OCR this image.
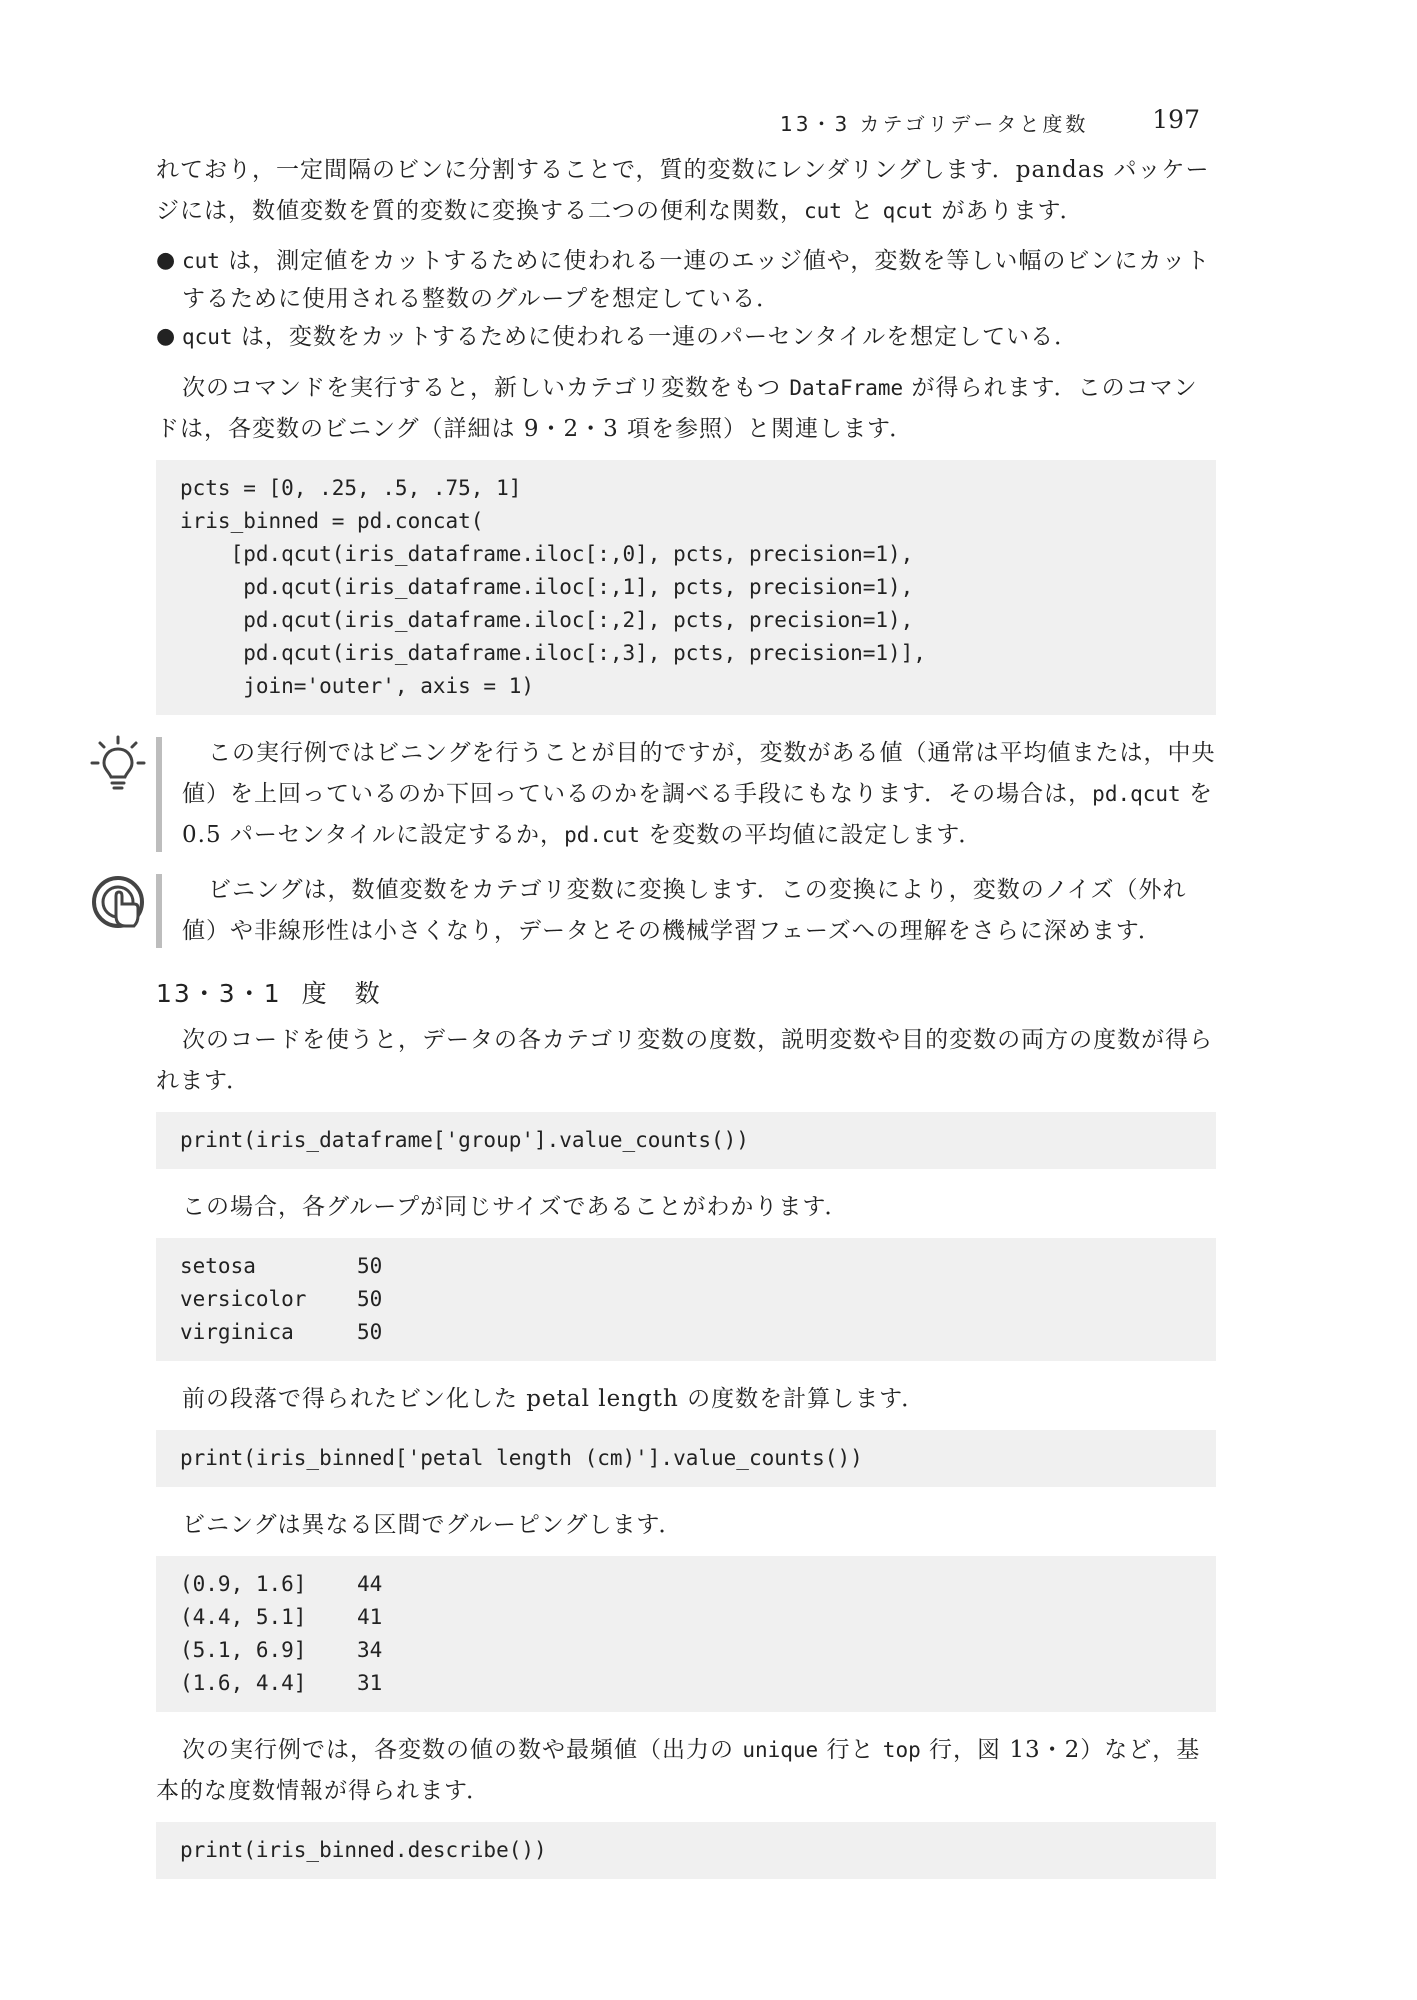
13・3 カテゴリデータと度数	197

れており，一定間隔のビンに分割することで，質的変数にレンダリングします．pandas パッケージには，数値変数を質的変数に変換する二つの便利な関数，cut と qcut があります．

● cut は，測定値をカットするために使われる一連のエッジ値や，変数を等しい幅のビンにカットするために使用される整数のグループを想定している．
● qcut は，変数をカットするために使われる一連のパーセンタイルを想定している．

次のコマンドを実行すると，新しいカテゴリ変数をもつ DataFrame が得られます．このコマンドは，各変数のビニング（詳細は 9・2・3 項を参照）と関連します．

pcts = [0, .25, .5, .75, 1]
iris_binned = pd.concat(
[pd.qcut(iris_dataframe.iloc[:,0], pcts, precision=1),
pd.qcut(iris_dataframe.iloc[:,1], pcts, precision=1),
pd.qcut(iris_dataframe.iloc[:,2], pcts, precision=1),
pd.qcut(iris_dataframe.iloc[:,3], pcts, precision=1)],
join='outer', axis = 1)

この実行例ではビニングを行うことが目的ですが，変数がある値（通常は平均値または，中央値）を上回っているのか下回っているのかを調べる手段にもなります．その場合は，pd.qcut を 0.5 パーセンタイルに設定するか，pd.cut を変数の平均値に設定します．

ビニングは，数値変数をカテゴリ変数に変換します．この変換により，変数のノイズ（外れ値）や非線形性は小さくなり，データとその機械学習フェーズへの理解をさらに深めます．

13・3・1 度数

次のコードを使うと，データの各カテゴリ変数の度数，説明変数や目的変数の両方の度数が得られます．

print(iris_dataframe['group'].value_counts())

この場合，各グループが同じサイズであることがわかります．

setosa        50
versicolor    50
virginica     50

前の段落で得られたビン化した petal length の度数を計算します．

print(iris_binned['petal length (cm)'].value_counts())

ビニングは異なる区間でグルーピングします．

(0.9, 1.6]    44
(4.4, 5.1]    41
(5.1, 6.9]    34
(1.6, 4.4]    31

次の実行例では，各変数の値の数や最頻値（出力の unique 行と top 行，図 13・2）など，基本的な度数情報が得られます．

print(iris_binned.describe())
